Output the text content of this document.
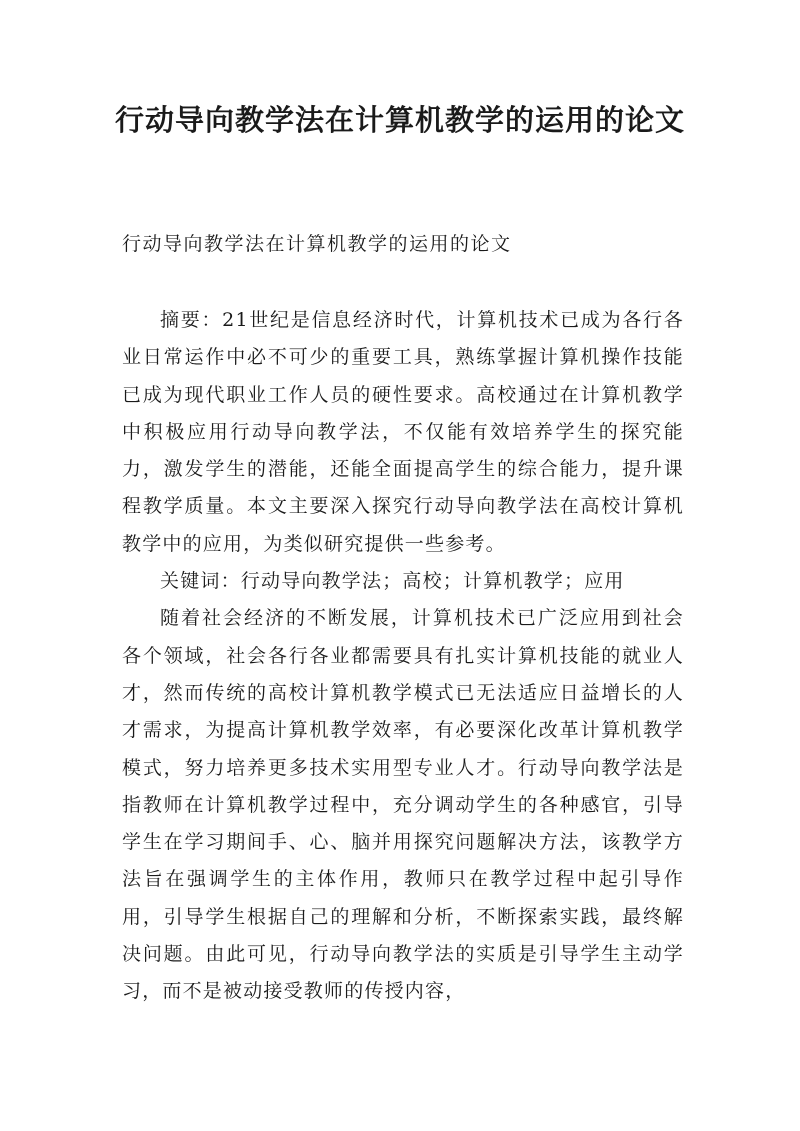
行动导向教学法在计算机教学的运用的论文

行动导向教学法在计算机教学的运用的论文

摘要：21世纪是信息经济时代，计算机技术已成为各行各业日常运作中必不可少的重要工具，熟练掌握计算机操作技能已成为现代职业工作人员的硬性要求。高校通过在计算机教学中积极应用行动导向教学法，不仅能有效培养学生的探究能力，激发学生的潜能，还能全面提高学生的综合能力，提升课程教学质量。本文主要深入探究行动导向教学法在高校计算机教学中的应用，为类似研究提供一些参考。

关键词：行动导向教学法；高校；计算机教学；应用

随着社会经济的不断发展，计算机技术已广泛应用到社会各个领域，社会各行各业都需要具有扎实计算机技能的就业人才，然而传统的高校计算机教学模式已无法适应日益增长的人才需求，为提高计算机教学效率，有必要深化改革计算机教学模式，努力培养更多技术实用型专业人才。行动导向教学法是指教师在计算机教学过程中，充分调动学生的各种感官，引导学生在学习期间手、心、脑并用探究问题解决方法，该教学方法旨在强调学生的主体作用，教师只在教学过程中起引导作用，引导学生根据自己的理解和分析，不断探索实践，最终解决问题。由此可见，行动导向教学法的实质是引导学生主动学习，而不是被动接受教师的传授内容，
